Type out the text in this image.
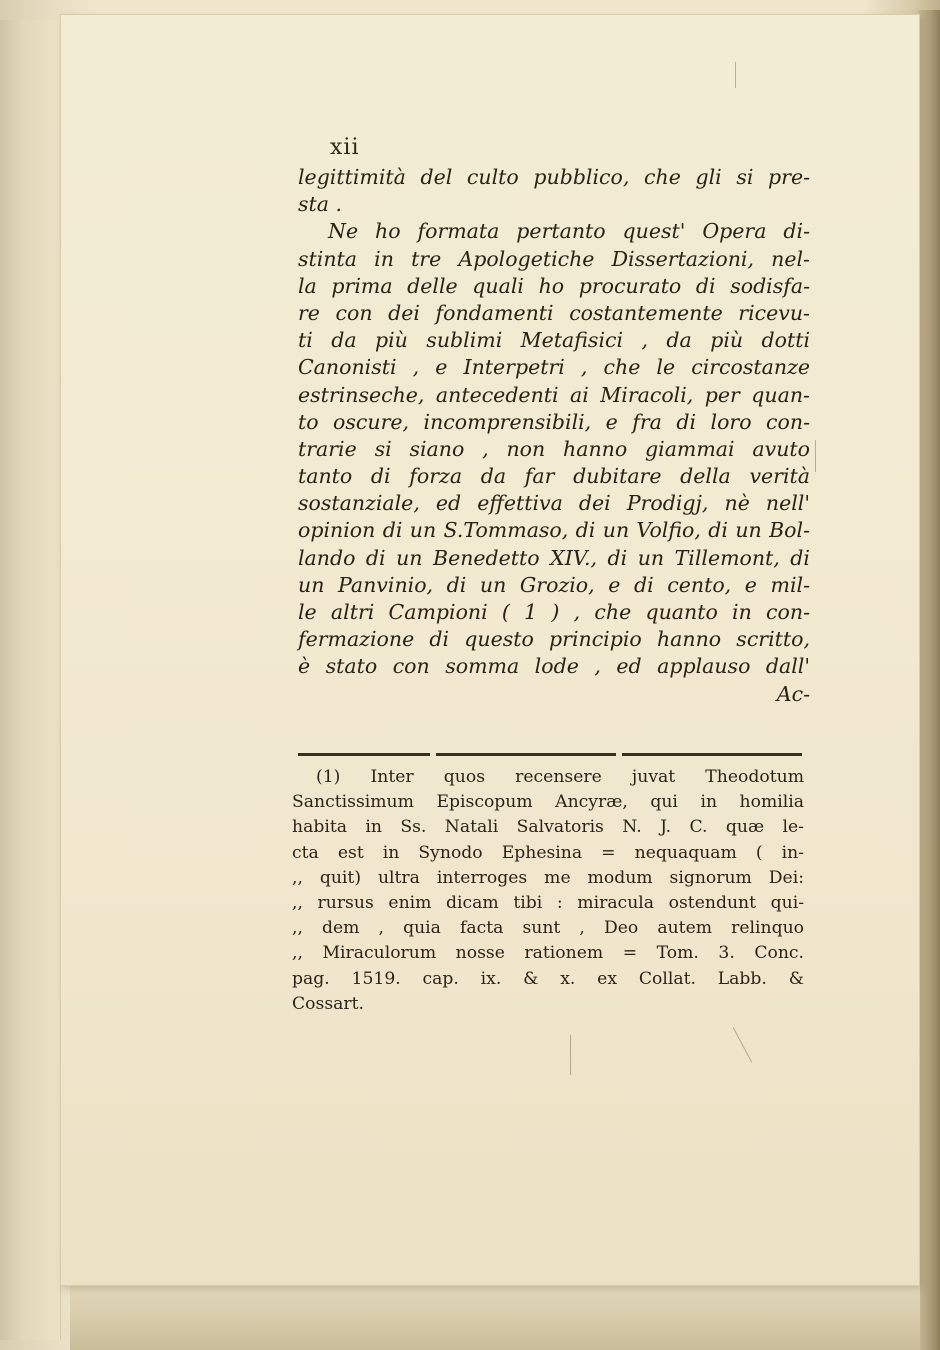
xii
legittimità del culto pubblico, che gli si pre-
sta .
Ne ho formata pertanto quest' Opera di-
stinta in tre Apologetiche Dissertazioni, nel-
la prima delle quali ho procurato di sodisfa-
re con dei fondamenti costantemente ricevu-
ti da più sublimi Metafisici , da più dotti
Canonisti , e Interpetri , che le circostanze
estrinseche, antecedenti ai Miracoli, per quan-
to oscure, incomprensibili, e fra di loro con-
trarie si siano , non hanno giammai avuto
tanto di forza da far dubitare della verità
sostanziale, ed effettiva dei Prodigj, nè nell'
opinion di un S.Tommaso, di un Volfio, di un Bol-
lando di un Benedetto XIV., di un Tillemont, di
un Panvinio, di un Grozio, e di cento, e mil-
le altri Campioni ( 1 ) , che quanto in con-
fermazione di questo principio hanno scritto,
è stato con somma lode , ed applauso dall'
Ac-
(1) Inter quos recensere juvat Theodotum
Sanctissimum Episcopum Ancyræ, qui in homilia
habita in Ss. Natali Salvatoris N. J. C. quæ le-
cta est in Synodo Ephesina = nequaquam ( in-
,, quit) ultra interroges me modum signorum Dei:
,, rursus enim dicam tibi : miracula ostendunt qui-
,, dem , quia facta sunt , Deo autem relinquo
,, Miraculorum nosse rationem = Tom. 3. Conc.
pag. 1519. cap. ix. & x. ex Collat. Labb. &
Cossart.
